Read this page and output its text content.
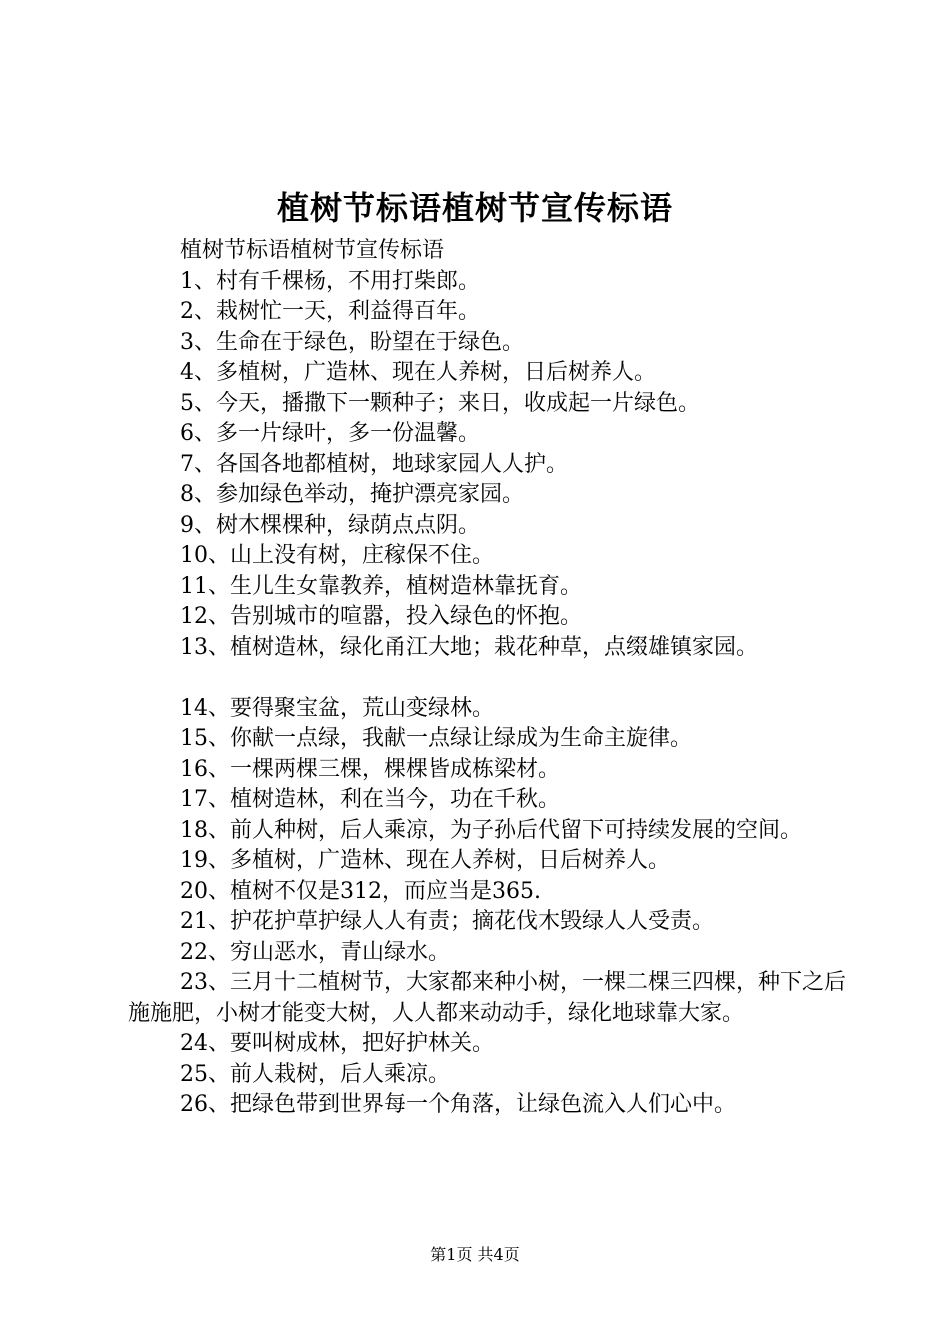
植树节标语植树节宣传标语

植树节标语植树节宣传标语

1、村有千棵杨，不用打柴郎。

2、栽树忙一天，利益得百年。

3、生命在于绿色，盼望在于绿色。

4、多植树，广造林、现在人养树，日后树养人。

5、今天，播撒下一颗种子；来日，收成起一片绿色。

6、多一片绿叶，多一份温馨。

7、各国各地都植树，地球家园人人护。

8、参加绿色举动，掩护漂亮家园。

9、树木棵棵种，绿荫点点阴。

10、山上没有树，庄稼保不住。

11、生儿生女靠教养，植树造林靠抚育。

12、告别城市的喧嚣，投入绿色的怀抱。

13、植树造林，绿化甬江大地；栽花种草，点缀雄镇家园。

14、要得聚宝盆，荒山变绿林。

15、你献一点绿，我献一点绿让绿成为生命主旋律。

16、一棵两棵三棵，棵棵皆成栋梁材。

17、植树造林，利在当今，功在千秋。

18、前人种树，后人乘凉，为子孙后代留下可持续发展的空间。

19、多植树，广造林、现在人养树，日后树养人。

20、植树不仅是312，而应当是365.

21、护花护草护绿人人有责；摘花伐木毁绿人人受责。

22、穷山恶水，青山绿水。

23、三月十二植树节，大家都来种小树，一棵二棵三四棵，种下之后施施肥，小树才能变大树，人人都来动动手，绿化地球靠大家。

24、要叫树成林，把好护林关。

25、前人栽树，后人乘凉。

26、把绿色带到世界每一个角落，让绿色流入人们心中。

第1页 共4页
